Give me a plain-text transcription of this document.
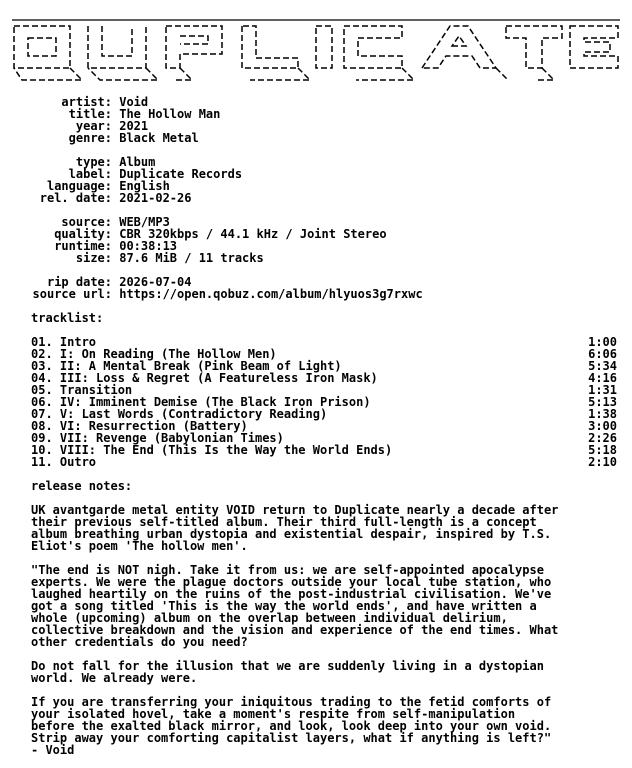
artist: Void
title: The Hollow Man
year: 2021
genre: Black Metal
type: Album
label: Duplicate Records
language: English
rel. date: 2021-02-26
source: WEB/MP3
quality: CBR 320kbps / 44.1 kHz / Joint Stereo
runtime: 00:38:13
size: 87.6 MiB / 11 tracks
rip date: 2026-07-04
source url: https://open.qobuz.com/album/hlyuos3g7rxwc
tracklist:
01. Intro	1:00
02. I: On Reading (The Hollow Men)	6:06
03. II: A Mental Break (Pink Beam of Light)	5:34
04. III: Loss & Regret (A Featureless Iron Mask)	4:16
05. Transition	1:31
06. IV: Imminent Demise (The Black Iron Prison)	5:13
07. V: Last Words (Contradictory Reading)	1:38
08. VI: Resurrection (Battery)	3:00
09. VII: Revenge (Babylonian Times)	2:26
10. VIII: The End (This Is the Way the World Ends)	5:18
11. Outro	2:10
release notes:
UK avantgarde metal entity VOID return to Duplicate nearly a decade after
their previous self-titled album. Their third full-length is a concept
album breathing urban dystopia and existential despair, inspired by T.S.
Eliot's poem 'The hollow men'.
"The end is NOT nigh. Take it from us: we are self-appointed apocalypse
experts. We were the plague doctors outside your local tube station, who
laughed heartily on the ruins of the post-industrial civilisation. We've
got a song titled 'This is the way the world ends', and have written a
whole (upcoming) album on the overlap between individual delirium,
collective breakdown and the vision and experience of the end times. What
other credentials do you need?
Do not fall for the illusion that we are suddenly living in a dystopian
world. We already were.
If you are transferring your iniquitous trading to the fetid comforts of
your isolated hovel, take a moment's respite from self-manipulation
before the exalted black mirror, and look, look deep into your own void.
Strip away your comforting capitalist layers, what if anything is left?"
- Void
